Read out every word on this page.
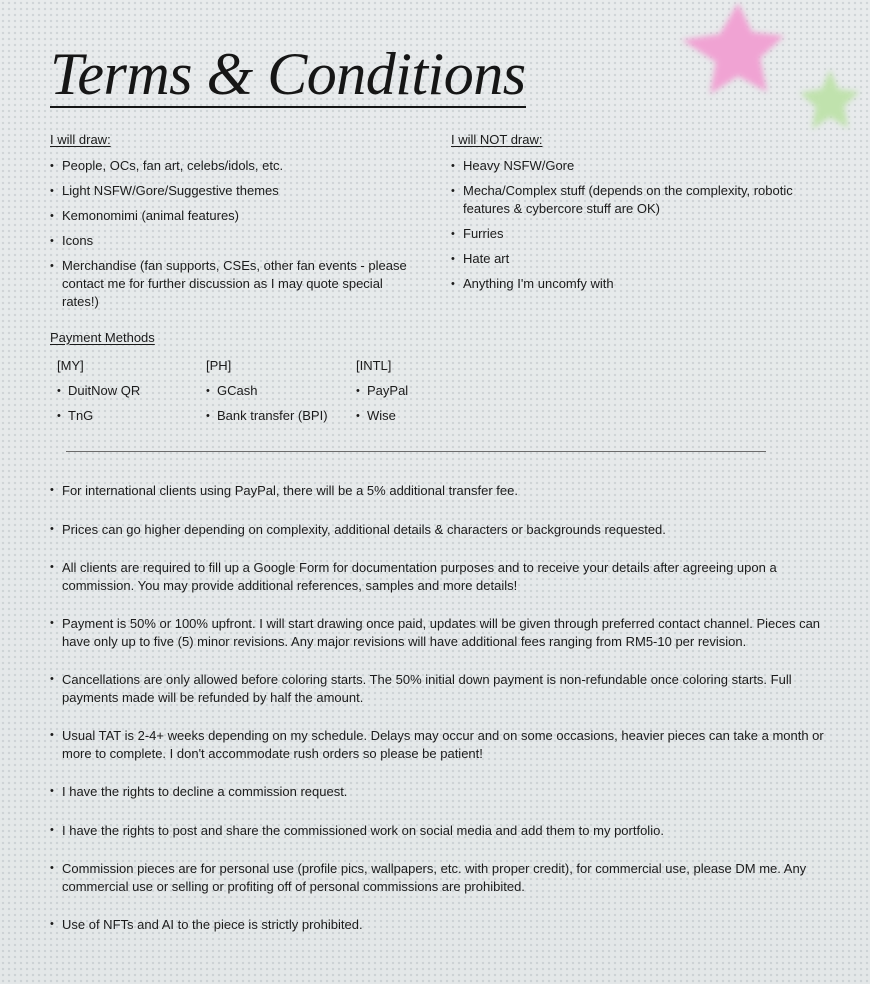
Terms & Conditions

I will draw:

• People, OCs, fan art, celebs/idols, etc.
• Light NSFW/Gore/Suggestive themes
• Kemonomimi (animal features)
• Icons
• Merchandise (fan supports, CSEs, other fan events - please contact me for further discussion as I may quote special rates!)

I will NOT draw:

• Heavy NSFW/Gore
• Mecha/Complex stuff (depends on the complexity, robotic features & cybercore stuff are OK)
• Furries
• Hate art
• Anything I'm uncomfy with

Payment Methods

[MY]

• DuitNow QR
• TnG

[PH]

• GCash
• Bank transfer (BPI)

[INTL]

• PayPal
• Wise
• For international clients using PayPal, there will be a 5% additional transfer fee.
• Prices can go higher depending on complexity, additional details & characters or backgrounds requested.
• All clients are required to fill up a Google Form for documentation purposes and to receive your details after agreeing upon a commission. You may provide additional references, samples and more details!
• Payment is 50% or 100% upfront. I will start drawing once paid, updates will be given through preferred contact channel. Pieces can have only up to five (5) minor revisions. Any major revisions will have additional fees ranging from RM5-10 per revision.
• Cancellations are only allowed before coloring starts. The 50% initial down payment is non-refundable once coloring starts. Full payments made will be refunded by half the amount.
• Usual TAT is 2-4+ weeks depending on my schedule. Delays may occur and on some occasions, heavier pieces can take a month or more to complete. I don't accommodate rush orders so please be patient!
• I have the rights to decline a commission request.
• I have the rights to post and share the commissioned work on social media and add them to my portfolio.
• Commission pieces are for personal use (profile pics, wallpapers, etc. with proper credit), for commercial use, please DM me. Any commercial use or selling or profiting off of personal commissions are prohibited.
• Use of NFTs and AI to the piece is strictly prohibited.
